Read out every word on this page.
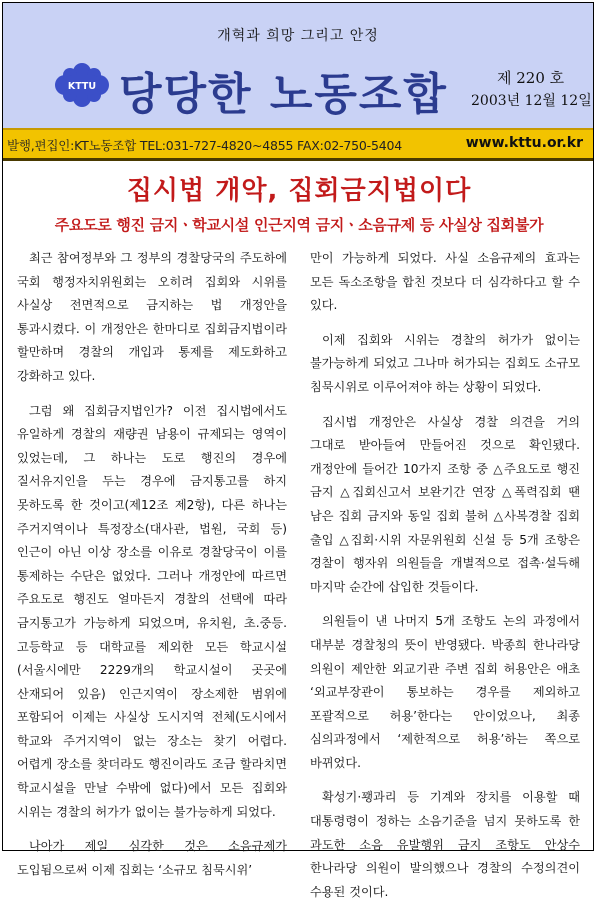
개혁과 희망 그리고 안정
KTTU 당당한 노동조합	제 220 호
2003년 12월 12일
발행,편집인:KT노동조합 TEL:031-727-4820~4855 FAX:02-750-5404	www.kttu.or.kr
집시법 개악, 집회금지법이다
주요도로 행진 금지ㆍ학교시설 인근지역 금지ㆍ소음규제 등 사실상 집회불가

최근 참여정부와 그 정부의 경찰당국의 주도하에 국회 행정자치위원회는 오히려 집회와 시위를 사실상 전면적으로 금지하는 법 개정안을 통과시켰다. 이 개정안은 한마디로 집회금지법이라 할만하며 경찰의 개입과 통제를 제도화하고 강화하고 있다.

그럼 왜 집회금지법인가? 이전 집시법에서도 유일하게 경찰의 재량권 남용이 규제되는 영역이 있었는데, 그 하나는 도로 행진의 경우에 질서유지인을 두는 경우에 금지통고를 하지 못하도록 한 것이고(제12조 제2항), 다른 하나는 주거지역이나 특정장소(대사관, 법원, 국회 등) 인근이 아닌 이상 장소를 이유로 경찰당국이 이를 통제하는 수단은 없었다. 그러나 개정안에 따르면 주요도로 행진도 얼마든지 경찰의 선택에 따라 금지통고가 가능하게 되었으며, 유치원, 초.중등.고등학교 등 대학교를 제외한 모든 학교시설(서울시에만 2229개의 학교시설이 곳곳에 산재되어 있음) 인근지역이 장소제한 범위에 포함되어 이제는 사실상 도시지역 전체(도시에서 학교와 주거지역이 없는 장소는 찾기 어렵다. 어렵게 장소를 찾더라도 행진이라도 조금 할라치면 학교시설을 만날 수밖에 없다)에서 모든 집회와 시위는 경찰의 허가가 없이는 불가능하게 되었다.

나아가 제일 심각한 것은 소음규제가 도입됨으로써 이제 집회는 ‘소규모 침묵시위’

만이 가능하게 되었다. 사실 소음규제의 효과는 모든 독소조항을 합친 것보다 더 심각하다고 할 수 있다.

이제 집회와 시위는 경찰의 허가가 없이는 불가능하게 되었고 그나마 허가되는 집회도 소규모 침묵시위로 이루어져야 하는 상황이 되었다.

집시법 개정안은 사실상 경찰 의견을 거의 그대로 받아들여 만들어진 것으로 확인됐다. 개정안에 들어간 10가지 조항 중 △주요도로 행진 금지 △집회신고서 보완기간 연장 △폭력집회 땐 남은 집회 금지와 동일 집회 불허 △사복경찰 집회 출입 △집회·시위 자문위원회 신설 등 5개 조항은 경찰이 행자위 의원들을 개별적으로 접촉·설득해 마지막 순간에 삽입한 것들이다.

의원들이 낸 나머지 5개 조항도 논의 과정에서 대부분 경찰청의 뜻이 반영됐다. 박종희 한나라당 의원이 제안한 외교기관 주변 집회 허용안은 애초 ‘외교부장관이 통보하는 경우를 제외하고 포괄적으로 허용’한다는 안이었으나, 최종 심의과정에서 ‘제한적으로 허용’하는 쪽으로 바뀌었다.

확성기·꽹과리 등 기계와 장치를 이용할 때 대통령령이 정하는 소음기준을 넘지 못하도록 한 과도한 소음 유발행위 금지 조항도 안상수 한나라당 의원이 발의했으나 경찰의 수정의견이 수용된 것이다.
